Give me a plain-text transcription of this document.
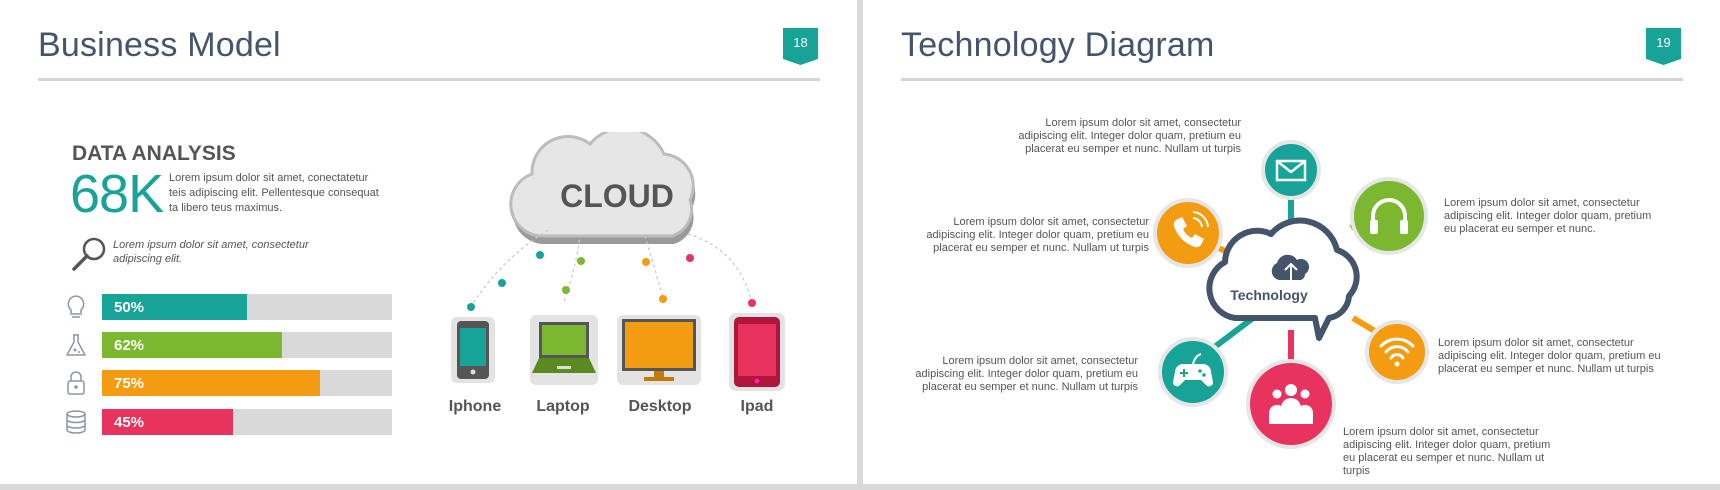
Business Model	18
DATA ANALYSIS
68K Lorem ipsum dolor sit amet, conectatetur teis adipiscing elit. Pellentesque consequat ta libero teus maximus.
Lorem ipsum dolor sit amet, consectetur adipiscing elit.
50%
62%
75%
45%
CLOUD
Iphone	Laptop	Desktop	Ipad
Technology Diagram	19
Technology
Lorem ipsum dolor sit amet, consectetur adipiscing elit. Integer dolor quam, pretium eu placerat eu semper et nunc. Nullam ut turpis
Lorem ipsum dolor sit amet, consectetur adipiscing elit. Integer dolor quam, pretium eu placerat eu semper et nunc. Nullam ut turpis
Lorem ipsum dolor sit amet, consectetur adipiscing elit. Integer dolor quam, pretium eu placerat eu semper et nunc. Nullam ut turpis
Lorem ipsum dolor sit amet, consectetur adipiscing elit. Integer dolor quam, pretium eu placerat eu semper et nunc.
Lorem ipsum dolor sit amet, consectetur adipiscing elit. Integer dolor quam, pretium eu placerat eu semper et nunc. Nullam ut turpis
Lorem ipsum dolor sit amet, consectetur adipiscing elit. Integer dolor quam, pretium eu placerat eu semper et nunc. Nullam ut turpis
